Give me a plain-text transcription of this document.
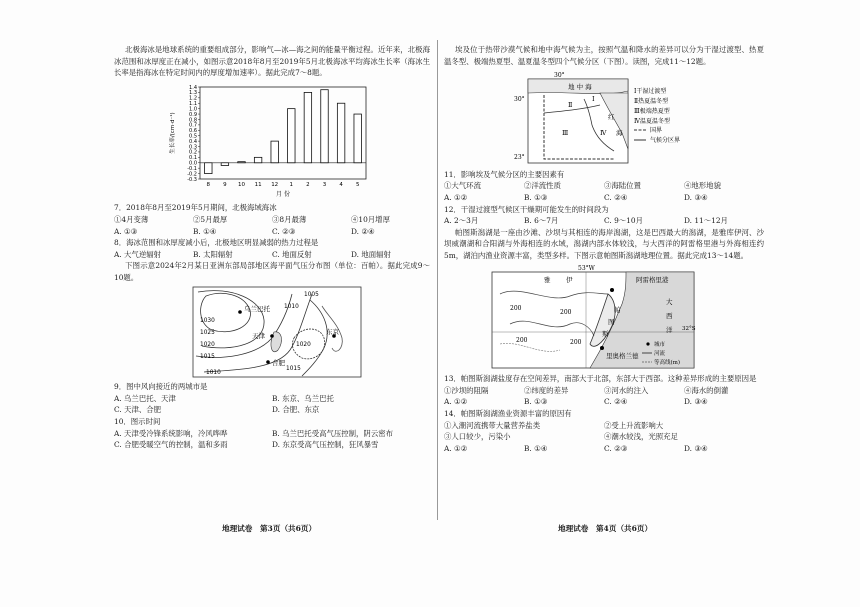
北极海冰是地球系统的重要组成部分，影响气—冰—海之间的能量平衡过程。近年来，北极海冰范围和冰厚度正在减小，如图示意2018年8月至2019年5月北极海冰平均海冰生长率（海冰生长率是指海冰在特定时间内的厚度增加速率）。据此完成7～8题。

1.4
1.3
1.2
1.1
1.0
0.9
0.8
0.7
0.6
0.5
0.4
0.3
0.2
0.1
0.0
-0.1
-0.2
-0.3
8 9 10 11 12 1 2 3 4 5
月 份
生长率/(cm·d⁻¹)
7．2018年8月至2019年5月期间，北极海域海冰
①4月变薄	②5月最厚	③8月最薄	④10月增厚
A. ①③	B. ①④	C. ②③	D. ②④
8．海冰范围和冰厚度减小后，北极地区明显减弱的热力过程是
A. 大气逆辐射	B. 太阳辐射	C. 地面反射	D. 地面辐射

下图示意2024年2月某日亚洲东部局部地区海平面气压分布图（单位：百帕）。据此完成9～10题。

乌兰巴托
天津
合肥
东京
1030
1025
1020
1015
1010
1005
1010
1015
1020
9．图中风向接近的两城市是
A. 乌兰巴托、天津	B. 东京、乌兰巴托
C. 天津、合肥	D. 合肥、东京
10．图示时间
A. 天津受冷锋系统影响，冷风哗哗	B. 乌兰巴托受高气压控制，阴云密布
C. 合肥受暖空气的控制，温和多雨	D. 东京受高气压控制，狂风暴雪

埃及位于热带沙漠气候和地中海气候为主，按照气温和降水的差异可以分为干湿过渡型、热夏温冬型、极端热夏型、温夏温冬型四个气候分区（下图）。读图，完成11～12题。

30°
地 中 海
30°
23°
红
海
Ⅰ
Ⅱ
Ⅲ	Ⅳ
Ⅰ干湿过渡型
Ⅱ热夏温冬型
Ⅲ极端热夏型
Ⅳ温夏温冬型
国界
气候分区界
11．影响埃及气候分区的主要因素有
①大气环流	②洋流性质	③海陆位置	④地形地貌
A. ①②	B. ①③	C. ②④	D. ③④
12．干湿过渡型气候区干燥期可能发生的时间段为
A. 2～3月	B. 6～7月	C. 9～10月	D. 11～12月

帕图斯潟湖是一座由沙滩、沙坝与其相连的海岸潟湖，这是巴西最大的潟湖，是雅库伊河、沙坝威潮湖和合阳湖与外海相连的水域，潟湖内部水体较浅，与大西洋的阿雷格里港与外海相连约5m，湖泊内渔业资源丰富，类型多样。下图示意帕图斯潟湖地理位置。据此完成13～14题。

53°W
阿雷格里港
里奥格兰德
大
西
洋
帕
图
斯
雅 伊
200
200
200	200
32°S
城市
河流
等高线(m)
13．帕图斯潟湖盐度存在空间差异，南部大于北部，东部大于西部。这种差异形成的主要原因是
①沙坝的阻隔	②纬度的差异	③河水的注入	④海水的倒灌
A. ①②	B. ①③	C. ②④	D. ③④
14．帕图斯潟湖渔业资源丰富的原因有
①入潮河流携带大量营养盐类	②受上升流影响大
③人口较少，污染小	④潮水较浅，光照充足
A. ①②	B. ①④	C. ②③	D. ③④
地理试卷　第3页（共6页）	地理试卷　第4页（共6页）
